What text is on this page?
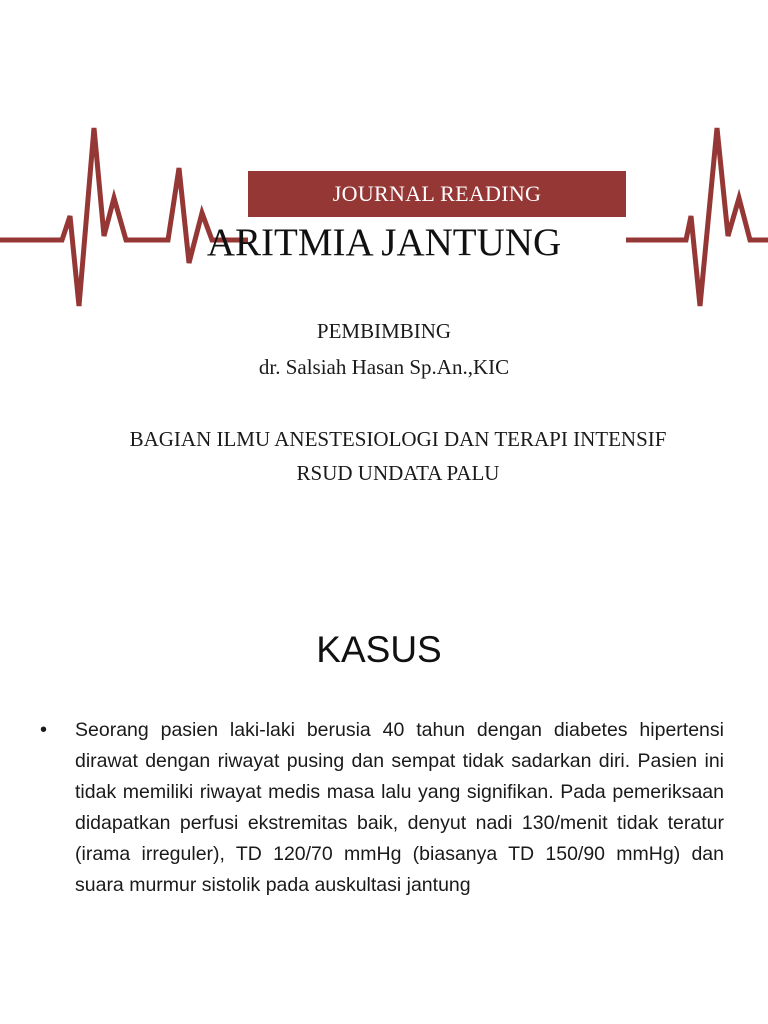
JOURNAL READING
ARITMIA JANTUNG
PEMBIMBING
dr. Salsiah Hasan Sp.An.,KIC
BAGIAN ILMU ANESTESIOLOGI DAN TERAPI INTENSIF
RSUD UNDATA PALU
KASUS
• Seorang pasien laki-laki berusia 40 tahun dengan diabetes hipertensi dirawat dengan riwayat pusing dan sempat tidak sadarkan diri. Pasien ini tidak memiliki riwayat medis masa lalu yang signifikan. Pada pemeriksaan didapatkan perfusi ekstremitas baik, denyut nadi 130/menit tidak teratur (irama irreguler), TD 120/70 mmHg (biasanya TD 150/90 mmHg) dan suara murmur sistolik pada auskultasi jantung
